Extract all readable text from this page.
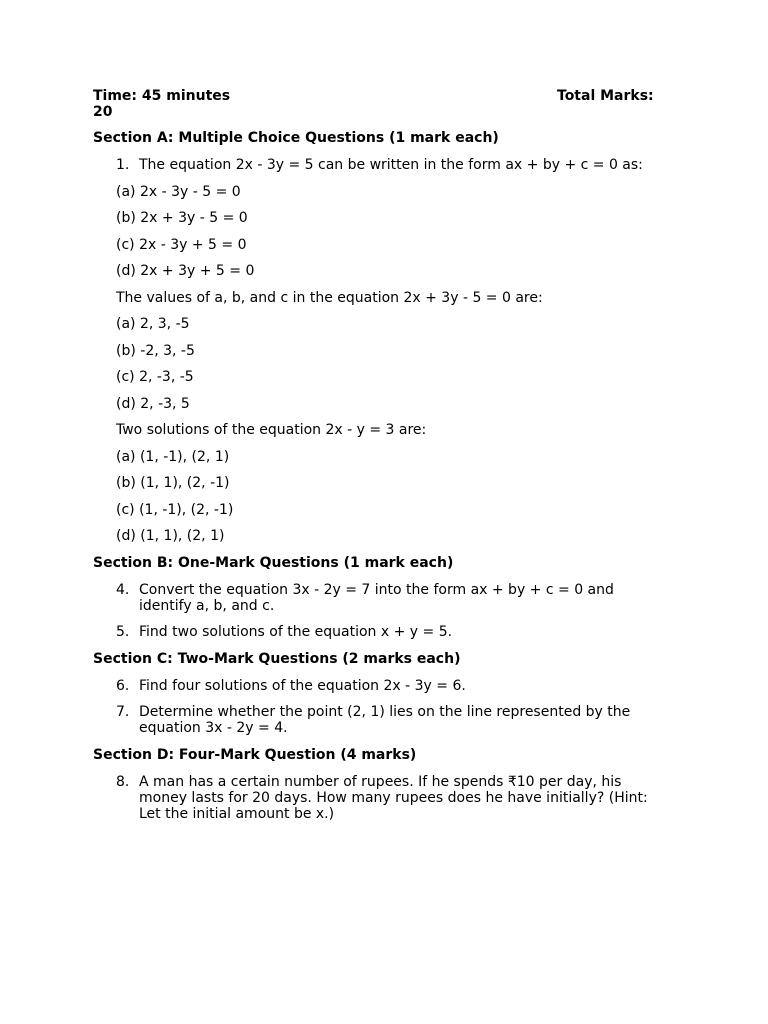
Time: 45 minutes	Total Marks:
20
Section A: Multiple Choice Questions (1 mark each)
1. The equation 2x - 3y = 5 can be written in the form ax + by + c = 0 as:
(a) 2x - 3y - 5 = 0
(b) 2x + 3y - 5 = 0
(c) 2x - 3y + 5 = 0
(d) 2x + 3y + 5 = 0
The values of a, b, and c in the equation 2x + 3y - 5 = 0 are:
(a) 2, 3, -5
(b) -2, 3, -5
(c) 2, -3, -5
(d) 2, -3, 5
Two solutions of the equation 2x - y = 3 are:
(a) (1, -1), (2, 1)
(b) (1, 1), (2, -1)
(c) (1, -1), (2, -1)
(d) (1, 1), (2, 1)
Section B: One-Mark Questions (1 mark each)
4. Convert the equation 3x - 2y = 7 into the form ax + by + c = 0 and identify a, b, and c.
5. Find two solutions of the equation x + y = 5.
Section C: Two-Mark Questions (2 marks each)
6. Find four solutions of the equation 2x - 3y = 6.
7. Determine whether the point (2, 1) lies on the line represented by the equation 3x - 2y = 4.
Section D: Four-Mark Question (4 marks)
8. A man has a certain number of rupees. If he spends ₹10 per day, his money lasts for 20 days. How many rupees does he have initially? (Hint: Let the initial amount be x.)
